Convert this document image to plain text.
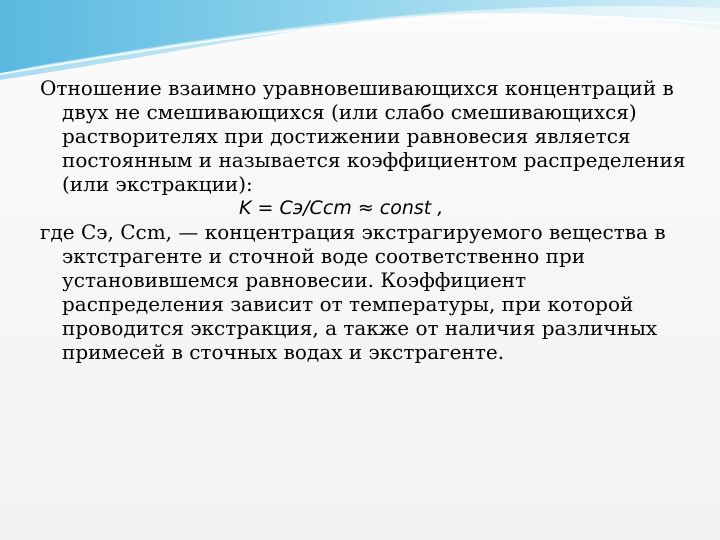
Отношение взаимно уравновешивающихся концентраций в двух не смешивающихся (или слабо смешивающихся) растворителях при достижении равновесия является постоянным и называется коэффициентом распределения (или экстракции):

K = Cэ/Ccm ≈ const ,

где Сэ, Ccm, — концентрация экстрагируемого вещества в эктстрагенте и сточной воде соответственно при установившемся равновесии. Коэффициент распределения зависит от температуры, при которой проводится экстракция, а также от наличия различных примесей в сточных водах и экстрагенте.
